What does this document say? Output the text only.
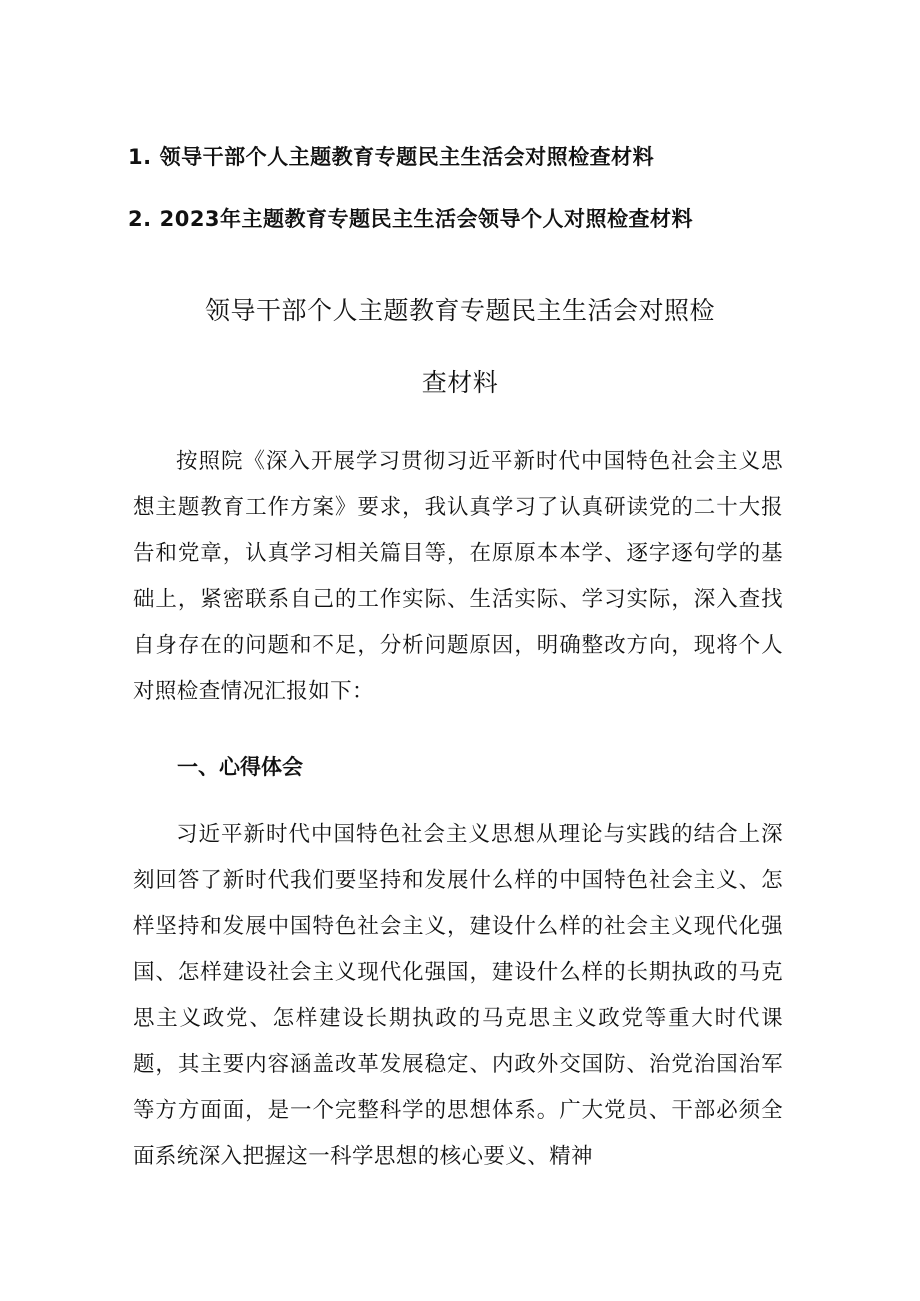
1. 领导干部个人主题教育专题民主生活会对照检查材料
2. 2023年主题教育专题民主生活会领导个人对照检查材料
领导干部个人主题教育专题民主生活会对照检
查材料

按照院《深入开展学习贯彻习近平新时代中国特色社会主义思想主题教育工作方案》要求，我认真学习了认真研读党的二十大报告和党章，认真学习相关篇目等，在原原本本学、逐字逐句学的基础上，紧密联系自己的工作实际、生活实际、学习实际，深入查找自身存在的问题和不足，分析问题原因，明确整改方向，现将个人对照检查情况汇报如下：

一、心得体会

习近平新时代中国特色社会主义思想从理论与实践的结合上深刻回答了新时代我们要坚持和发展什么样的中国特色社会主义、怎样坚持和发展中国特色社会主义，建设什么样的社会主义现代化强国、怎样建设社会主义现代化强国，建设什么样的长期执政的马克思主义政党、怎样建设长期执政的马克思主义政党等重大时代课题，其主要内容涵盖改革发展稳定、内政外交国防、治党治国治军等方方面面，是一个完整科学的思想体系。广大党员、干部必须全面系统深入把握这一科学思想的核心要义、精神
